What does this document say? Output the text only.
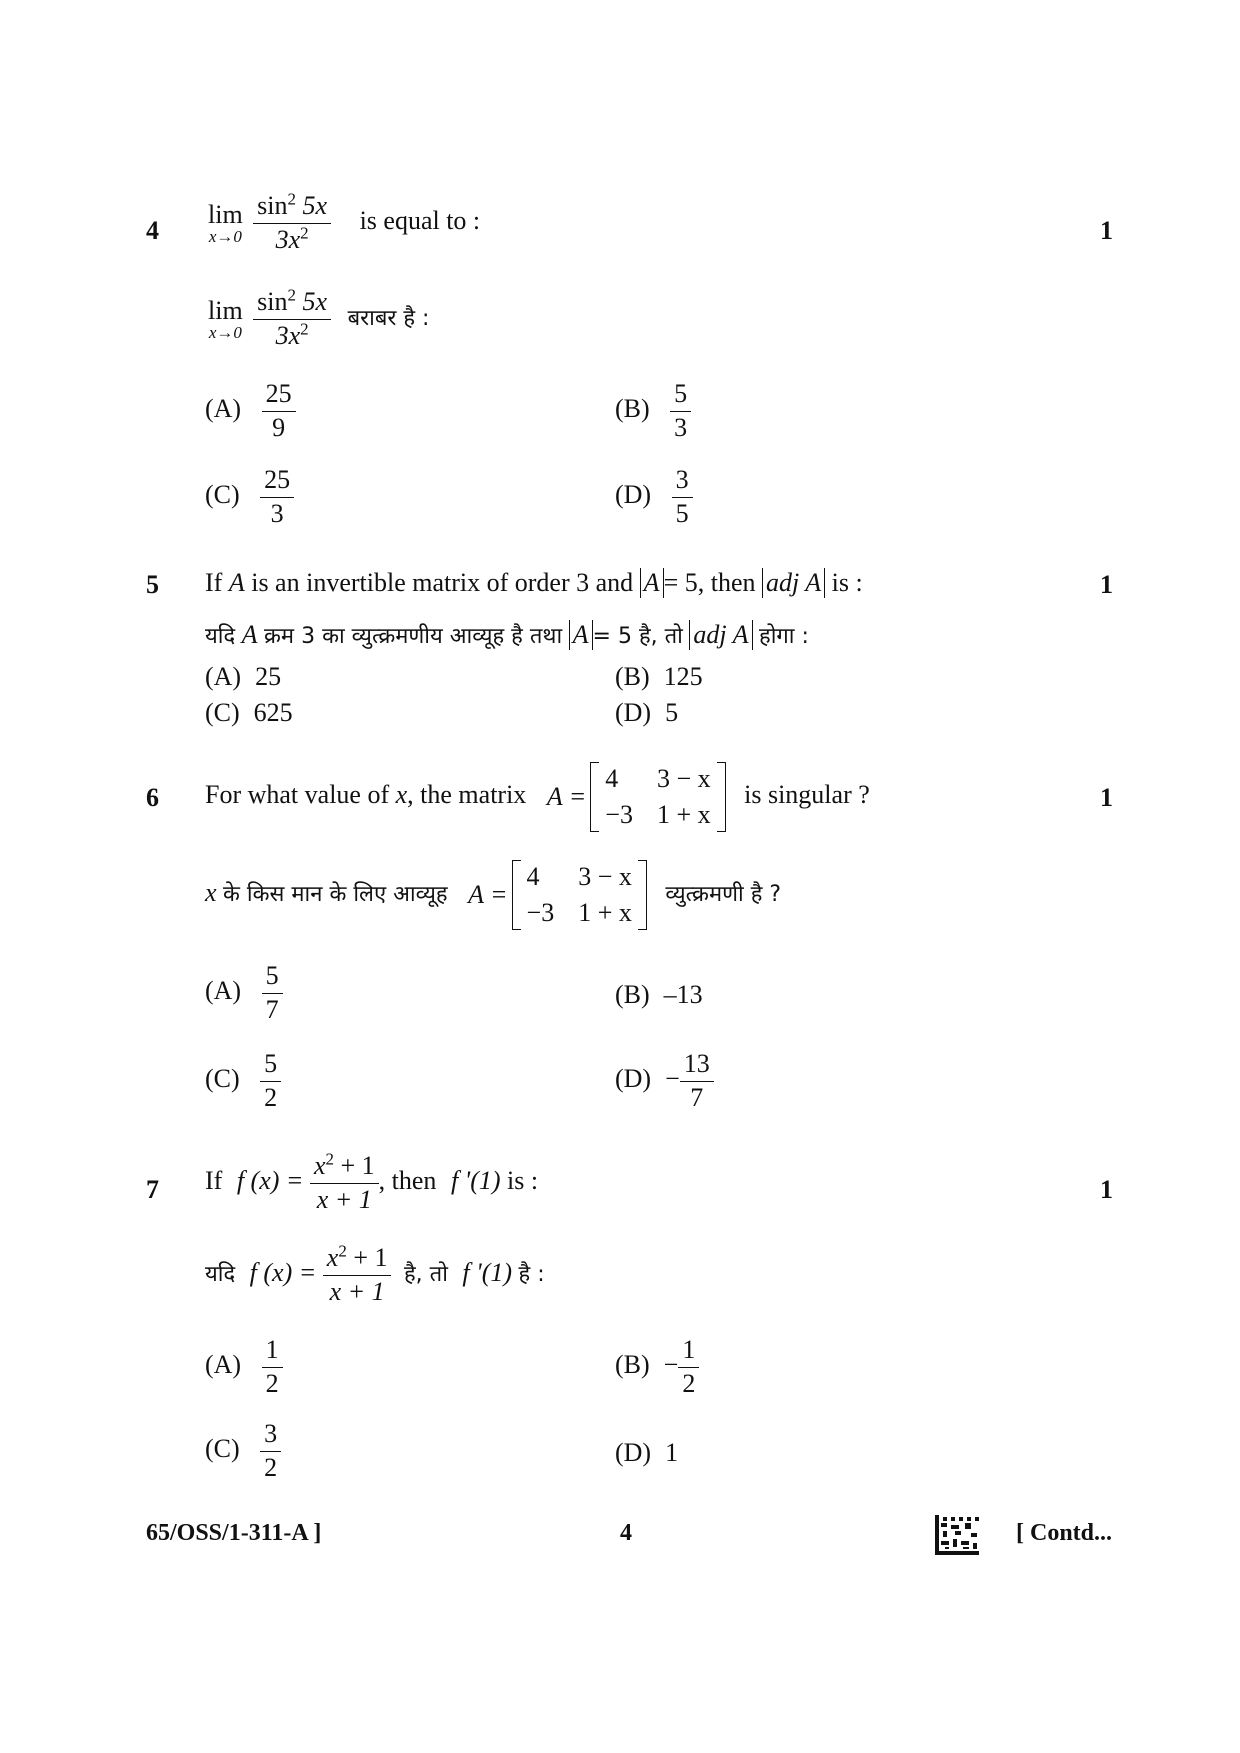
4	1
lim
x→0
$\frac{\sin^2 5x}{3x^2}$ is equal to :
lim
x→0
$\frac{\sin^2 5x}{3x^2}$ बराबर है :
$(A) \frac{25}{9}$	$(B) \frac{5}{3}$
$(C) \frac{25}{3}$	$(D) \frac{3}{5}$
5	1
If A is an invertible matrix of order 3 and A = 5, then adj A is :
यदि A क्रम 3 का व्युत्क्रमणीय आव्यूह है तथा A = 5 है, तो adj A होगा :
(A) 25	(B) 125
(C) 625	(D) 5
6	1
For what value of x, the matrix A =
4	3 − x
−3 1 + x
is singular ?
x के किस मान के लिए आव्यूह A =
4	3 − x
−3 1 + x
व्युत्क्रमणी है ?
$(A) \frac{5}{7}$	(B) –13
$(C) \frac{5}{2}$	$(D) - \frac{13}{7}$
7	1
If f $(x) = \frac{x^2 + 1}{x + 1}$ , then f '(1) is :
यदि f $(x) = \frac{x^2 + 1}{x + 1}$ है, तो f '(1) है :
$(A) \frac{1}{2}$	$(B) - \frac{1}{2}$
$(C) \frac{3}{2}$	(D) 1
65/OSS/1-311-A ]	4	[ Contd...
